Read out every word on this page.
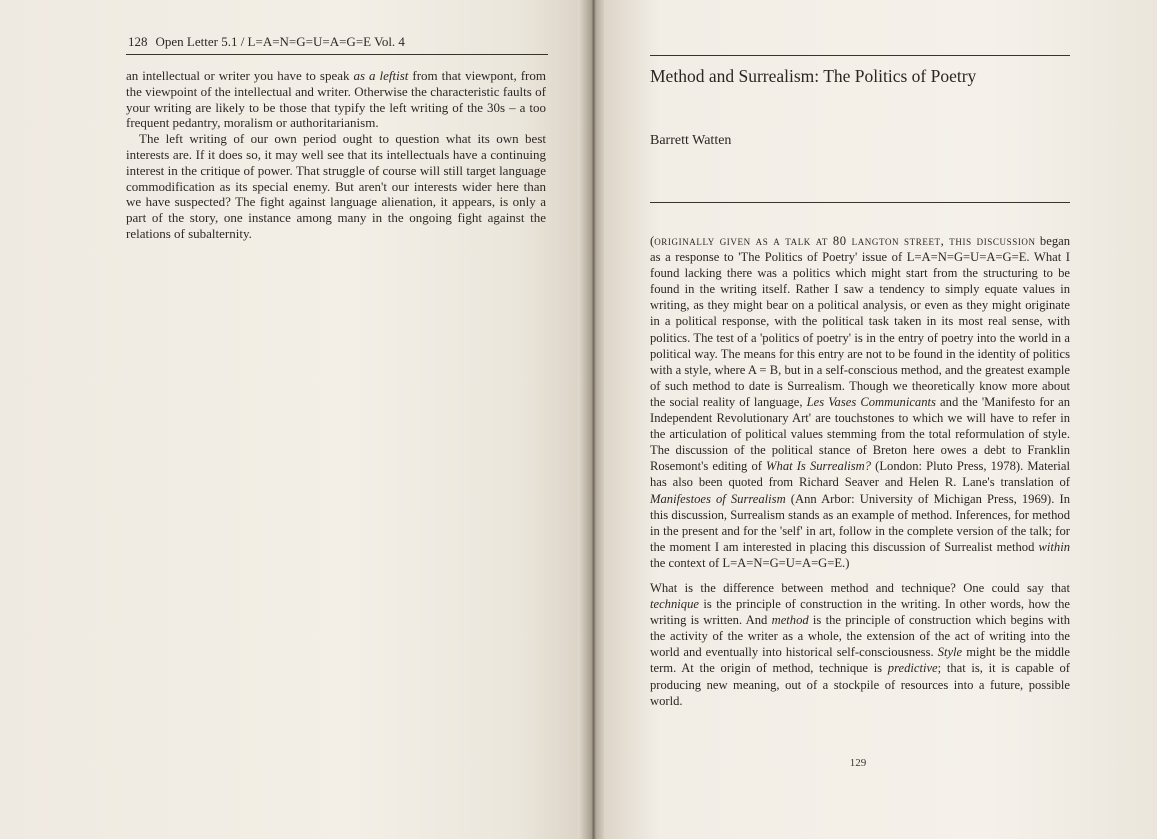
128 Open Letter 5.1 / L=A=N=G=U=A=G=E Vol. 4

an intellectual or writer you have to speak as a leftist from that viewpont, from the viewpoint of the intellectual and writer. Otherwise the characteristic faults of your writing are likely to be those that typify the left writing of the 30s – a too frequent pedantry, moralism or authoritarianism.

The left writing of our own period ought to question what its own best interests are. If it does so, it may well see that its intellectuals have a continuing interest in the critique of power. That struggle of course will still target language commodification as its special enemy. But aren't our interests wider here than we have suspected? The fight against language alienation, it appears, is only a part of the story, one instance among many in the ongoing fight against the relations of subalternity.

Method and Surrealism: The Politics of Poetry
Barrett Watten

(originally given as a talk at 80 langton street, this discussion began as a response to 'The Politics of Poetry' issue of L=A=N=G=U=A=G=E. What I found lacking there was a politics which might start from the structuring to be found in the writing itself. Rather I saw a tendency to simply equate values in writing, as they might bear on a political analysis, or even as they might originate in a political response, with the political task taken in its most real sense, with politics. The test of a 'politics of poetry' is in the entry of poetry into the world in a political way. The means for this entry are not to be found in the identity of politics with a style, where A = B, but in a self-conscious method, and the greatest example of such method to date is Surrealism. Though we theoretically know more about the social reality of language, Les Vases Communicants and the 'Manifesto for an Independent Revolutionary Art' are touchstones to which we will have to refer in the articulation of political values stemming from the total reformulation of style. The discussion of the political stance of Breton here owes a debt to Franklin Rosemont's editing of What Is Surrealism? (London: Pluto Press, 1978). Material has also been quoted from Richard Seaver and Helen R. Lane's translation of Manifestoes of Surrealism (Ann Arbor: University of Michigan Press, 1969). In this discussion, Surrealism stands as an example of method. Inferences, for method in the present and for the 'self' in art, follow in the complete version of the talk; for the moment I am interested in placing this discussion of Surrealist method within the context of L=A=N=G=U=A=G=E.)

What is the difference between method and technique? One could say that technique is the principle of construction in the writing. In other words, how the writing is written. And method is the principle of construction which begins with the activity of the writer as a whole, the extension of the act of writing into the world and eventually into historical self-consciousness. Style might be the middle term. At the origin of method, technique is predictive; that is, it is capable of producing new meaning, out of a stockpile of resources into a future, possible world.

129
